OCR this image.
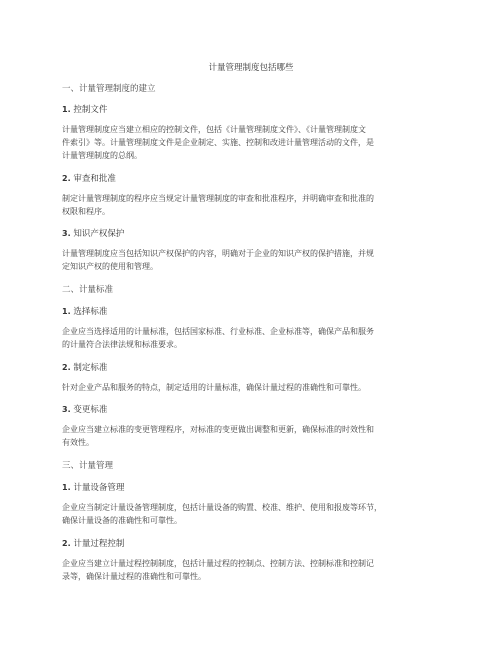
计量管理制度包括哪些
一、计量管理制度的建立
1. 控制文件
计量管理制度应当建立相应的控制文件，包括《计量管理制度文件》、《计量管理制度文
件索引》等。计量管理制度文件是企业制定、实施、控制和改进计量管理活动的文件，是
计量管理制度的总纲。
2. 审查和批准
制定计量管理制度的程序应当规定计量管理制度的审查和批准程序，并明确审查和批准的
权限和程序。
3. 知识产权保护
计量管理制度应当包括知识产权保护的内容，明确对于企业的知识产权的保护措施，并规
定知识产权的使用和管理。
二、计量标准
1. 选择标准
企业应当选择适用的计量标准，包括国家标准、行业标准、企业标准等，确保产品和服务
的计量符合法律法规和标准要求。
2. 制定标准
针对企业产品和服务的特点，制定适用的计量标准，确保计量过程的准确性和可靠性。
3. 变更标准
企业应当建立标准的变更管理程序，对标准的变更做出调整和更新，确保标准的时效性和
有效性。
三、计量管理
1. 计量设备管理
企业应当制定计量设备管理制度，包括计量设备的购置、校准、维护、使用和报废等环节，
确保计量设备的准确性和可靠性。
2. 计量过程控制
企业应当建立计量过程控制制度，包括计量过程的控制点、控制方法、控制标准和控制记
录等，确保计量过程的准确性和可靠性。
